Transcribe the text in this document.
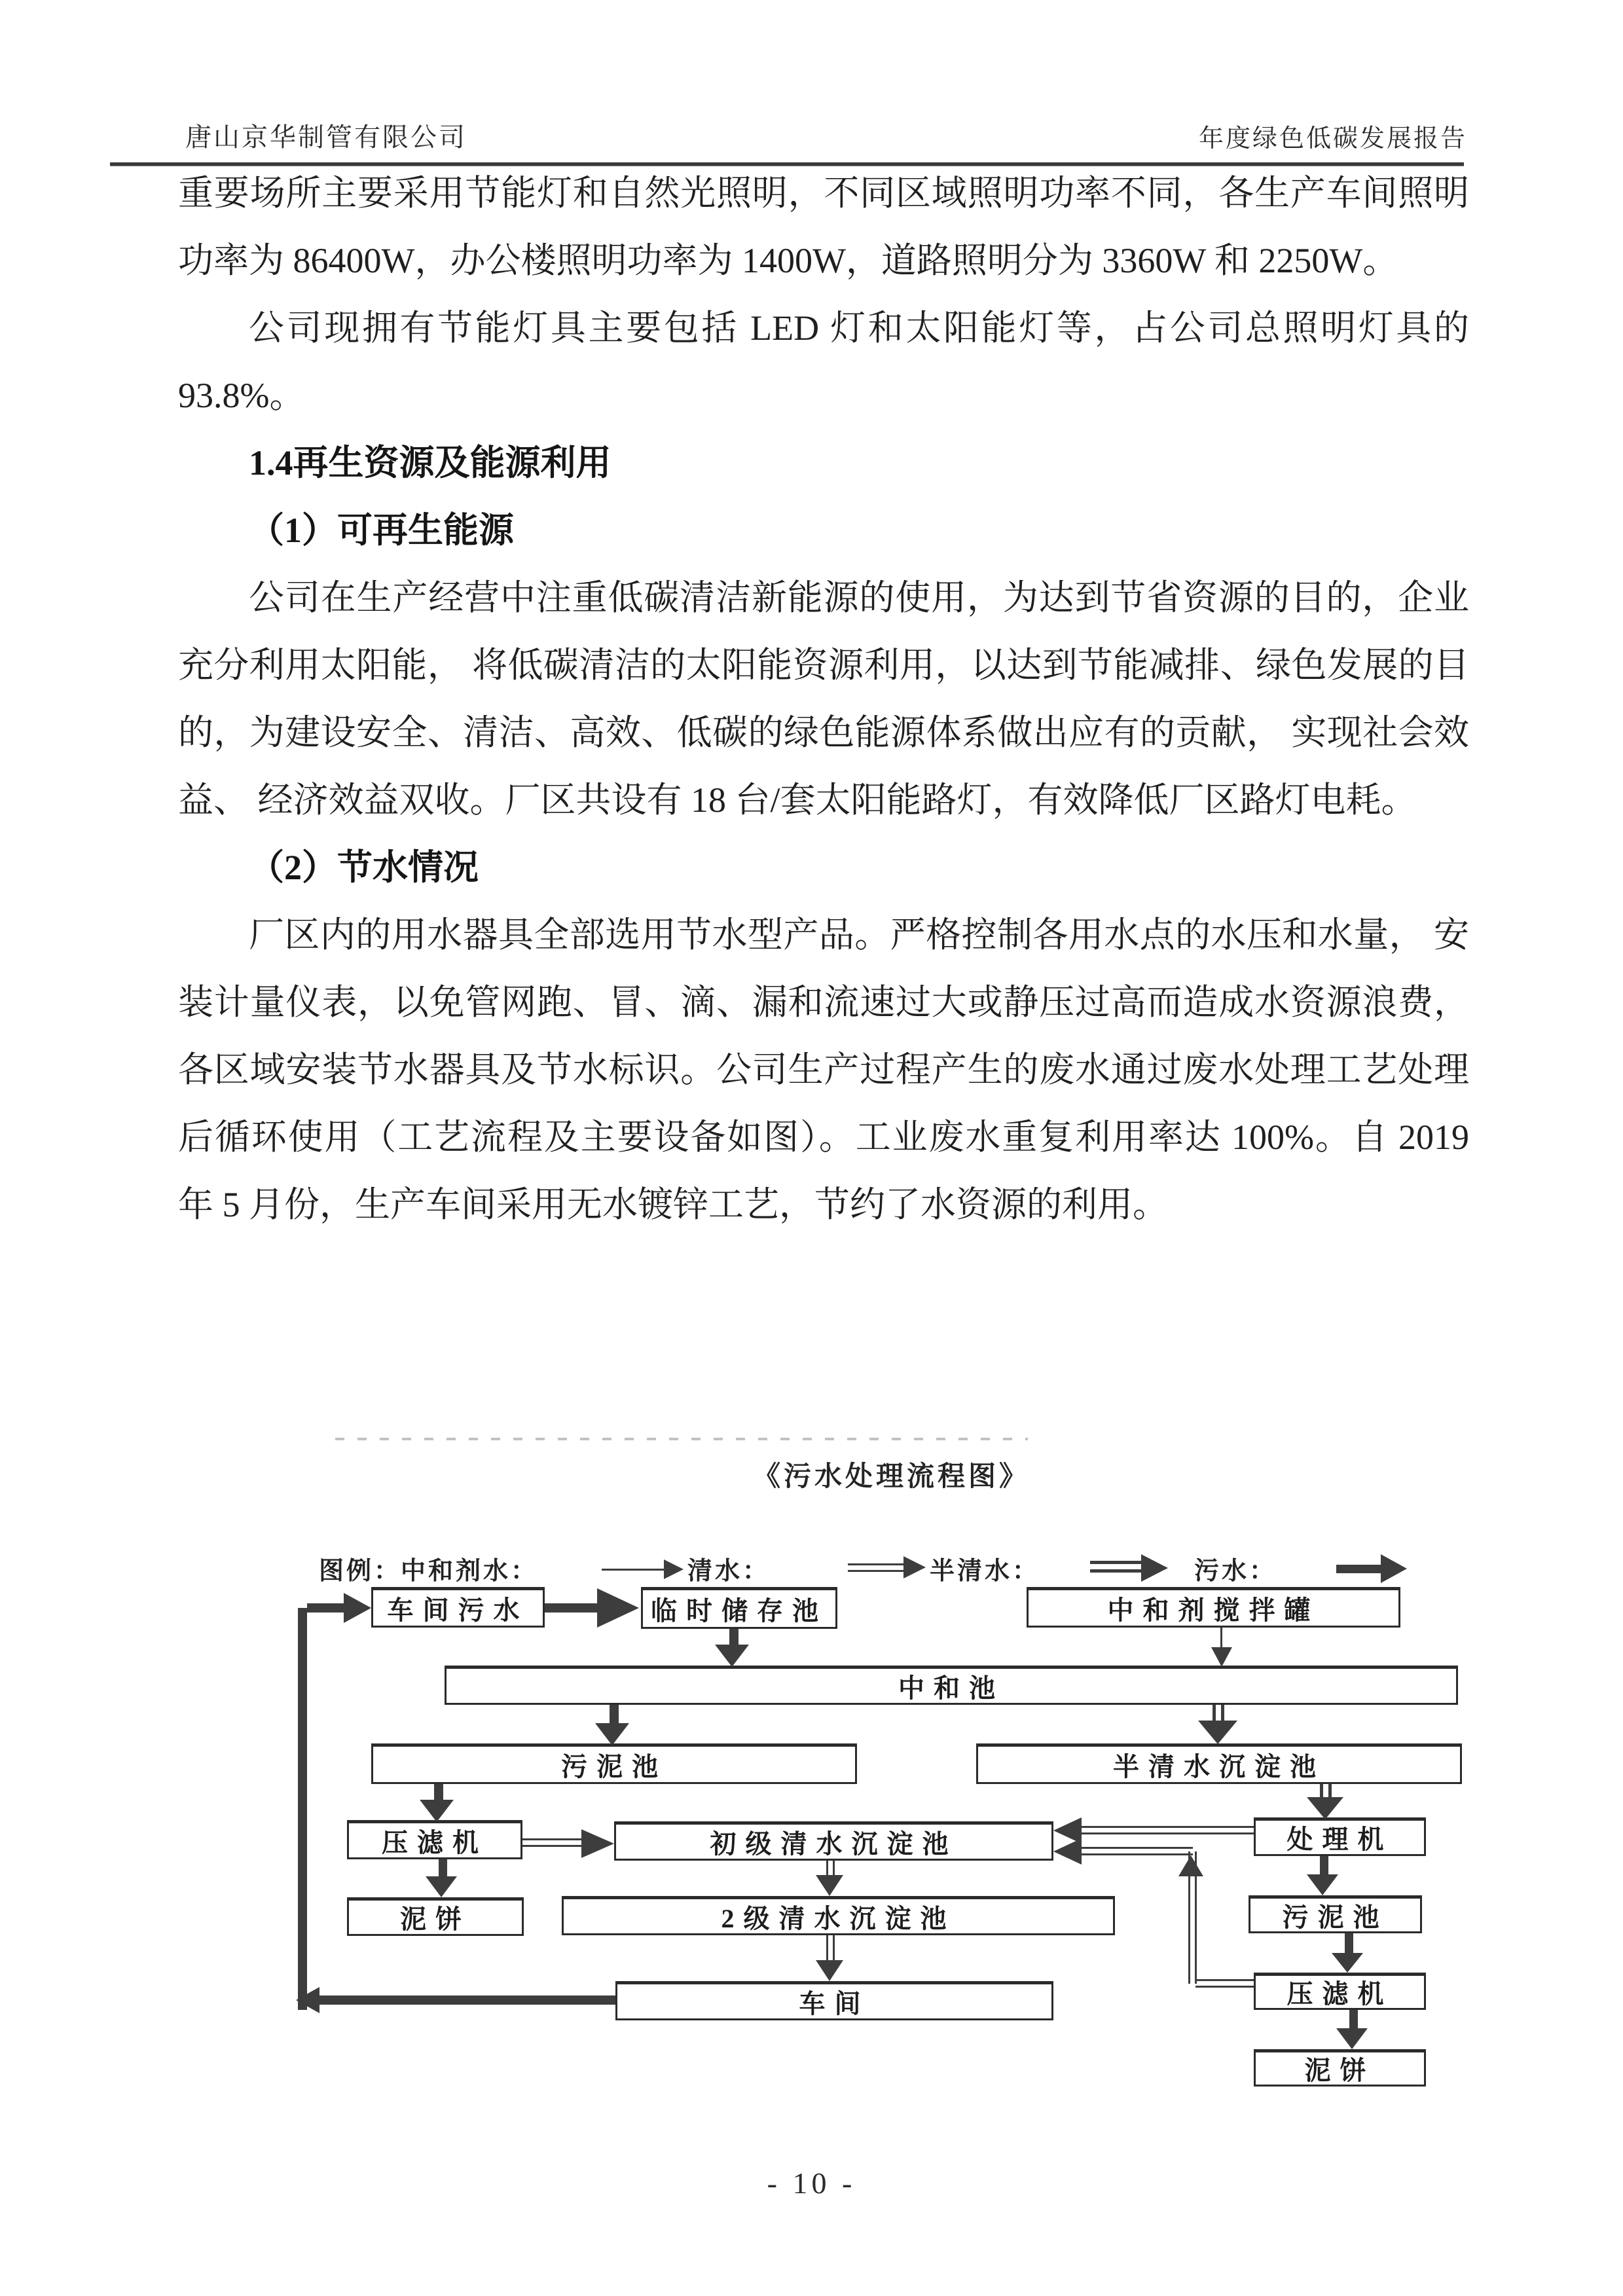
唐山京华制管有限公司	年度绿色低碳发展报告

重要场所主要采用节能灯和自然光照明，不同区域照明功率不同，各生产车间照明功率为 86400W，办公楼照明功率为 1400W，道路照明分为 3360W 和 2250W。

公司现拥有节能灯具主要包括 LED 灯和太阳能灯等，占公司总照明灯具的 93.8%。

1.4再生资源及能源利用

（1）可再生能源

公司在生产经营中注重低碳清洁新能源的使用，为达到节省资源的目的，企业充分利用太阳能， 将低碳清洁的太阳能资源利用，以达到节能减排、绿色发展的目的，为建设安全、清洁、高效、低碳的绿色能源体系做出应有的贡献， 实现社会效益、 经济效益双收。厂区共设有 18 台/套太阳能路灯，有效降低厂区路灯电耗。

（2）节水情况

厂区内的用水器具全部选用节水型产品。严格控制各用水点的水压和水量， 安装计量仪表，以免管网跑、冒、滴、漏和流速过大或静压过高而造成水资源浪费， 各区域安装节水器具及节水标识。公司生产过程产生的废水通过废水处理工艺处理后循环使用（工艺流程及主要设备如图）。工业废水重复利用率达 100%。自 2019 年 5 月份，生产车间采用无水镀锌工艺，节约了水资源的利用。

《污水处理流程图》
图例：
中和剂水：	清水：	半清水：	污水：
车间污水	临时储存池	中和剂搅拌罐
中和池
污泥池	半清水沉淀池
压滤机	初级清水沉淀池	处理机
泥饼	2级清水沉淀池	污泥池
压滤机
车间
泥饼
- 10 -
